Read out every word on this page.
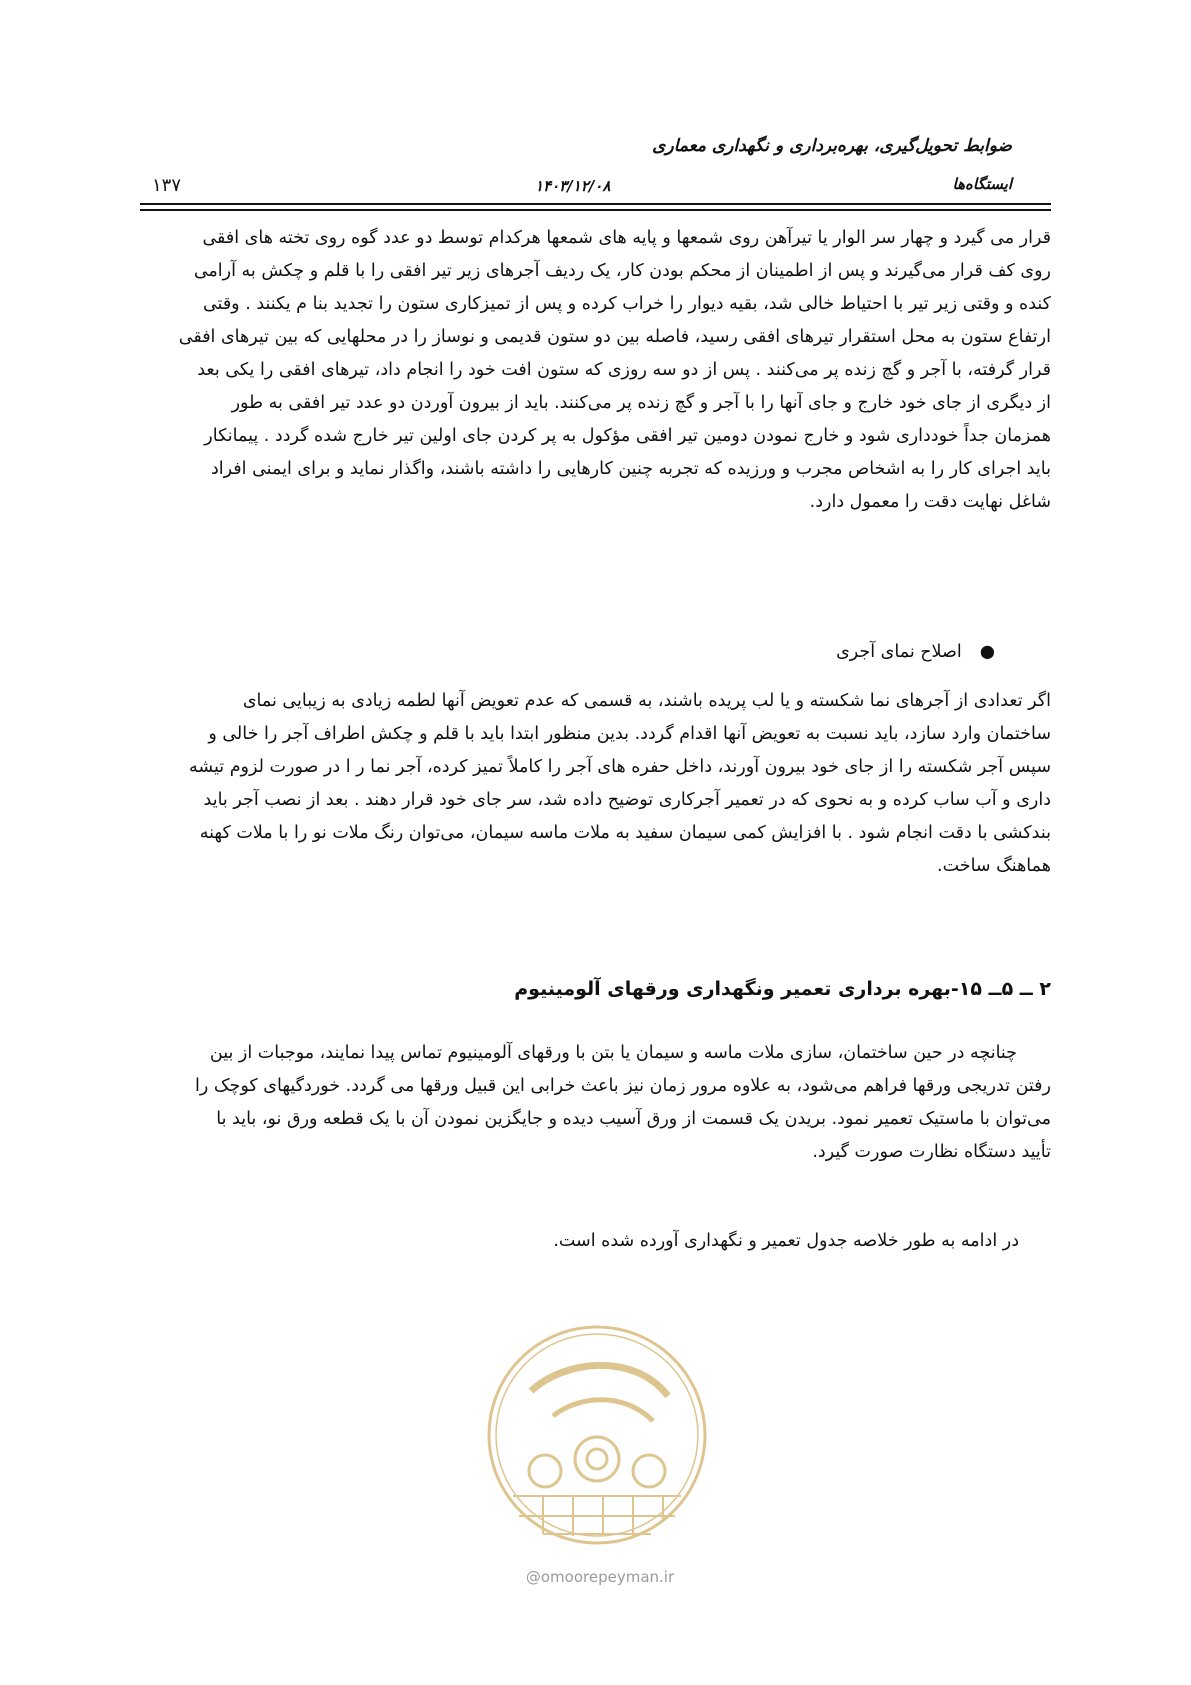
ضوابط تحویل‌گیری، بهره‌برداری و نگهداری معماری
ایستگاه‌ها
۱۴۰۳/۱۲/۰۸
۱۳۷

قرار می گیرد و چهار سر الوار یا تیرآهن روی شمعها و پایه های شمعها هرکدام توسط دو عدد گوه روی تخته های افقی

روی کف قرار می‌گیرند و پس از اطمینان از محکم بودن کار، یک ردیف آجرهای زیر تیر افقی را با قلم و چکش به آرامی

کنده و وقتی زیر تیر با احتیاط خالی شد، بقیه دیوار را خراب کرده و پس از تمیزکاری ستون را تجدید بنا م یکنند . وقتی

ارتفاع ستون به محل استقرار تیرهای افقی رسید، فاصله بین دو ستون قدیمی و نوساز را در محلهایی که بین تیرهای افقی

قرار گرفته، با آجر و گچ زنده پر می‌کنند . پس از دو سه روزی که ستون افت خود را انجام داد، تیرهای افقی را یکی بعد

از دیگری از جای خود خارج و جای آنها را با آجر و گچ زنده پر می‌کنند. باید از بیرون آوردن دو عدد تیر افقی به طور

همزمان جداً خودداری شود و خارج نمودن دومین تیر افقی مؤکول به پر کردن جای اولین تیر خارج شده گردد . پیمانکار

باید اجرای کار را به اشخاص مجرب و ورزیده که تجربه چنین کارهایی را داشته باشند، واگذار نماید و برای ایمنی افراد

شاغل نهایت دقت را معمول دارد.

●اصلاح نمای آجری

اگر تعدادی از آجرهای نما شکسته و یا لب پریده باشند، به قسمی که عدم تعویض آنها لطمه زیادی به زیبایی نمای

ساختمان وارد سازد، باید نسبت به تعویض آنها اقدام گردد. بدین منظور ابتدا باید با قلم و چکش اطراف آجر را خالی و

سپس آجر شکسته را از جای خود بیرون آورند، داخل حفره های آجر را کاملاً تمیز کرده، آجر نما ر ا در صورت لزوم تیشه

داری و آب ساب کرده و به نحوی که در تعمیر آجرکاری توضیح داده شد، سر جای خود قرار دهند . بعد از نصب آجر باید

بندکشی با دقت انجام شود . با افزایش کمی سیمان سفید به ملات ماسه سیمان، می‌توان رنگ ملات نو را با ملات کهنه

هماهنگ ساخت.

۲ ــ ۵ــ ۱۵-بهره برداری تعمیر ونگهداری ورقهای آلومینیوم

چنانچه در حین ساختمان، سازی ملات ماسه و سیمان یا بتن با ورقهای آلومینیوم تماس پیدا نمایند، موجبات از بین

رفتن تدریجی ورقها فراهم می‌شود، به علاوه مرور زمان نیز باعث خرابی این قبیل ورقها می گردد. خوردگیهای کوچک را

می‌توان با ماستیک تعمیر نمود. بریدن یک قسمت از ورق آسیب دیده و جایگزین نمودن آن با یک قطعه ورق نو، باید با

تأیید دستگاه نظارت صورت گیرد.

در ادامه به طور خلاصه جدول تعمیر و نگهداری آورده شده است.
@omoorepeyman.ir
